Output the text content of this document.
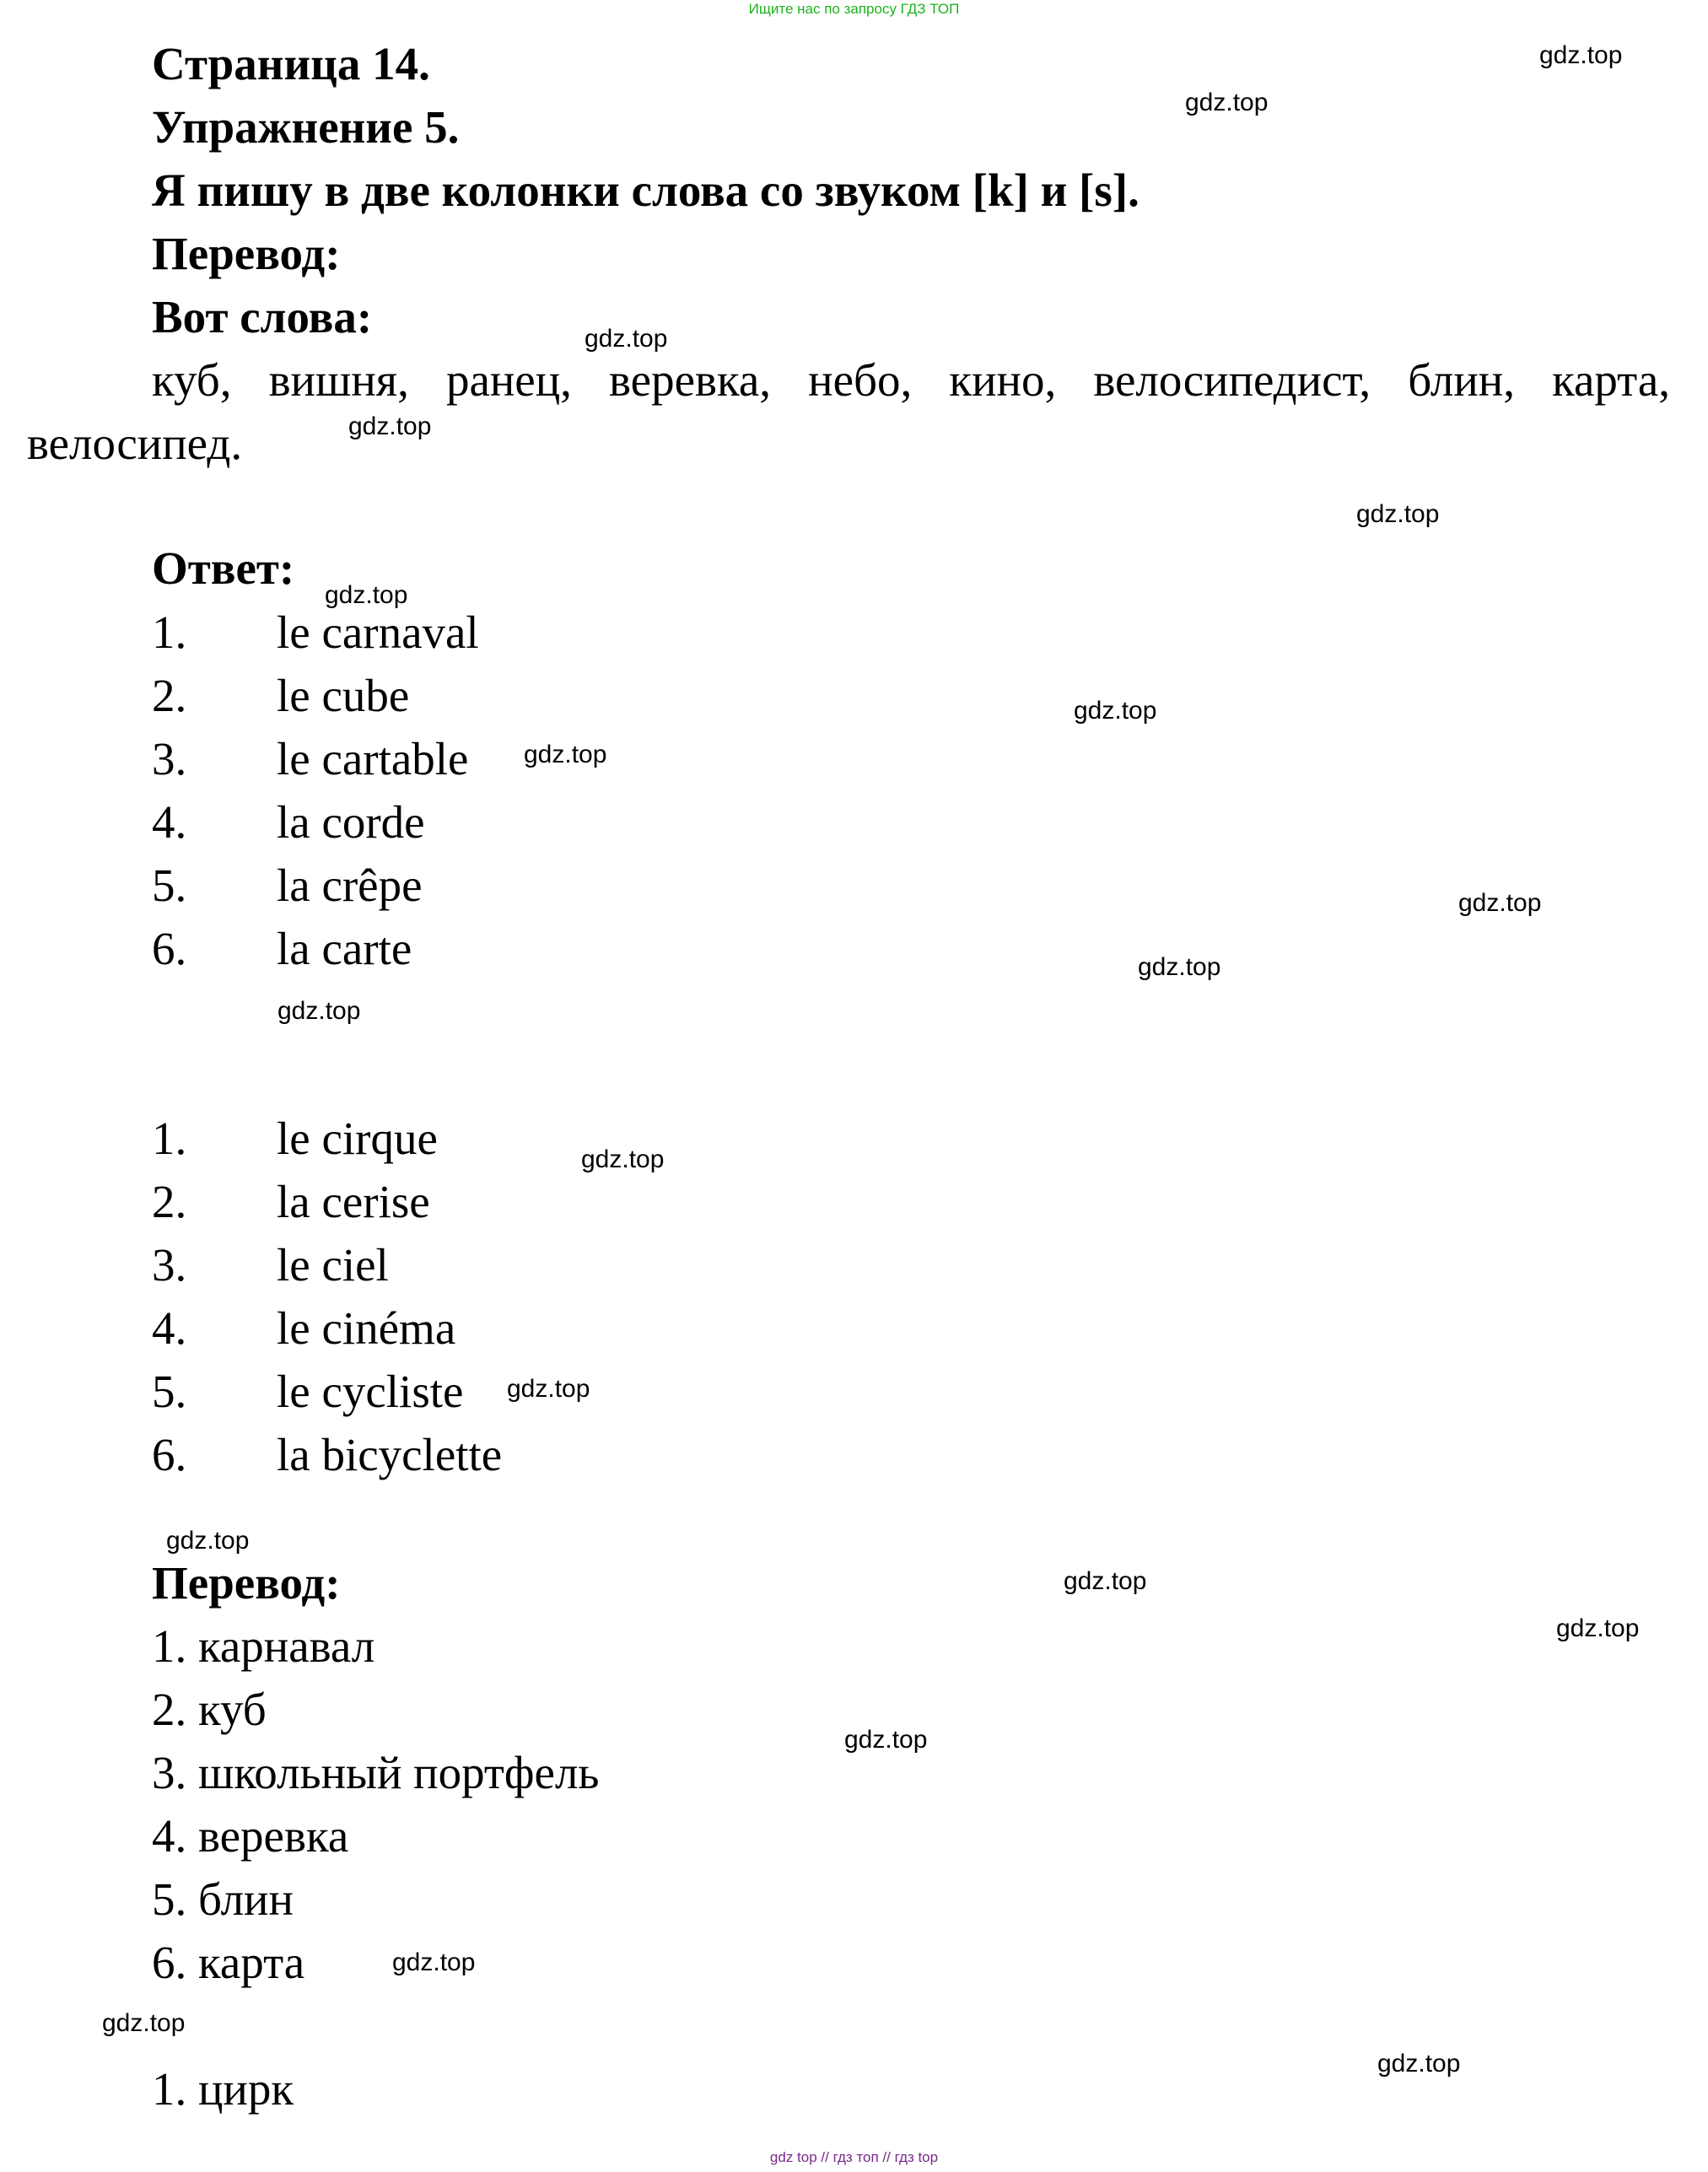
Ищите нас по запросу ГДЗ ТОП
Страница 14.
Упражнение 5.
Я пишу в две колонки слова со звуком [k] и [s].
Перевод:
Вот слова:
куб, вишня, ранец, веревка, небо, кино, велосипедист, блин, карта,
велосипед.
Ответ:
1. le carnaval
2. le cube
3. le cartable
4. la corde
5. la crêpe
6. la carte
1. le cirque
2. la cerise
3. le ciel
4. le cinéma
5. le cycliste
6. la bicyclette
Перевод:
1. карнавал
2. куб
3. школьный портфель
4. веревка
5. блин
6. карта
1. цирк
gdz.top
gdz.top
gdz.top
gdz.top
gdz.top
gdz.top
gdz.top
gdz.top
gdz.top
gdz.top
gdz.top
gdz.top
gdz.top
gdz.top
gdz.top
gdz.top
gdz.top
gdz.top
gdz.top
gdz.top
gdz top // гдз топ // гдз top
